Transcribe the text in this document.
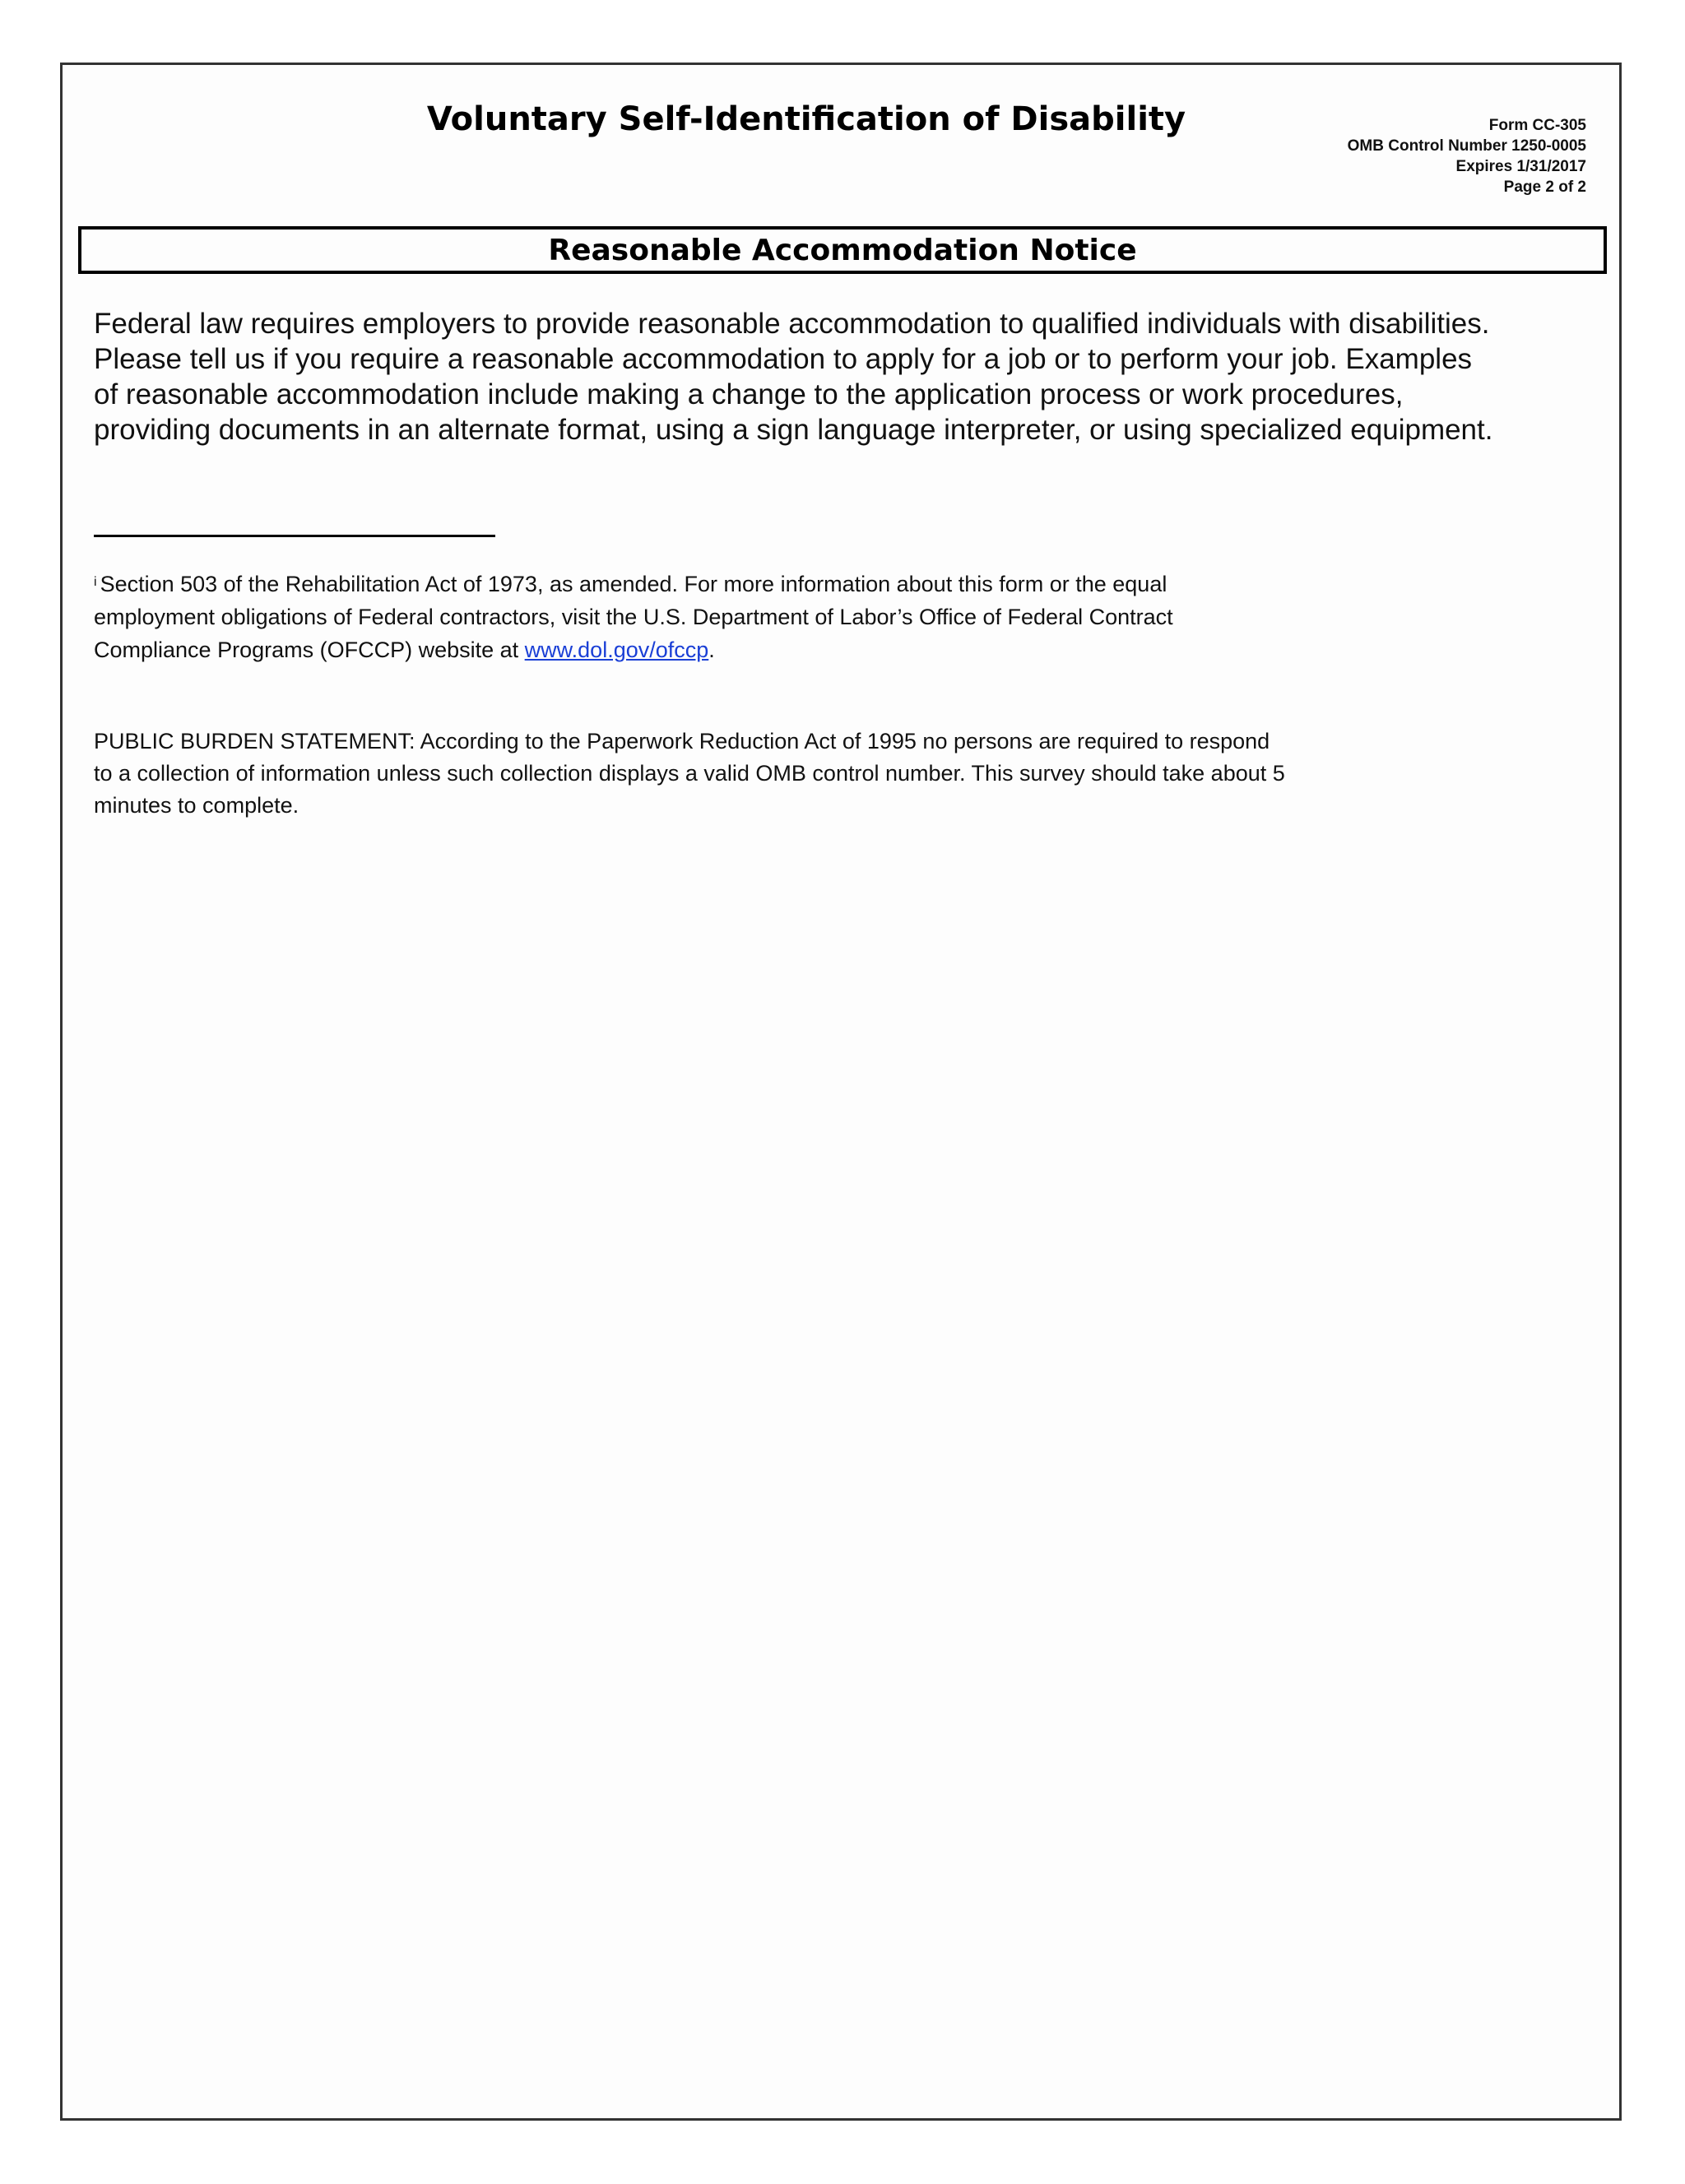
Voluntary Self-Identification of Disability	Form CC-305
OMB Control Number 1250-0005
Expires 1/31/2017
Page 2 of 2
Reasonable Accommodation Notice

Federal law requires employers to provide reasonable accommodation to qualified individuals with disabilities.

Please tell us if you require a reasonable accommodation to apply for a job or to perform your job. Examples

of reasonable accommodation include making a change to the application process or work procedures,

providing documents in an alternate format, using a sign language interpreter, or using specialized equipment.

$^i$ Section 503 of the Rehabilitation Act of 1973, as amended. For more information about this form or the equal

employment obligations of Federal contractors, visit the U.S. Department of Labor’s Office of Federal Contract

Compliance Programs (OFCCP) website at www.dol.gov/ofccp.

PUBLIC BURDEN STATEMENT: According to the Paperwork Reduction Act of 1995 no persons are required to respond

to a collection of information unless such collection displays a valid OMB control number. This survey should take about 5

minutes to complete.
